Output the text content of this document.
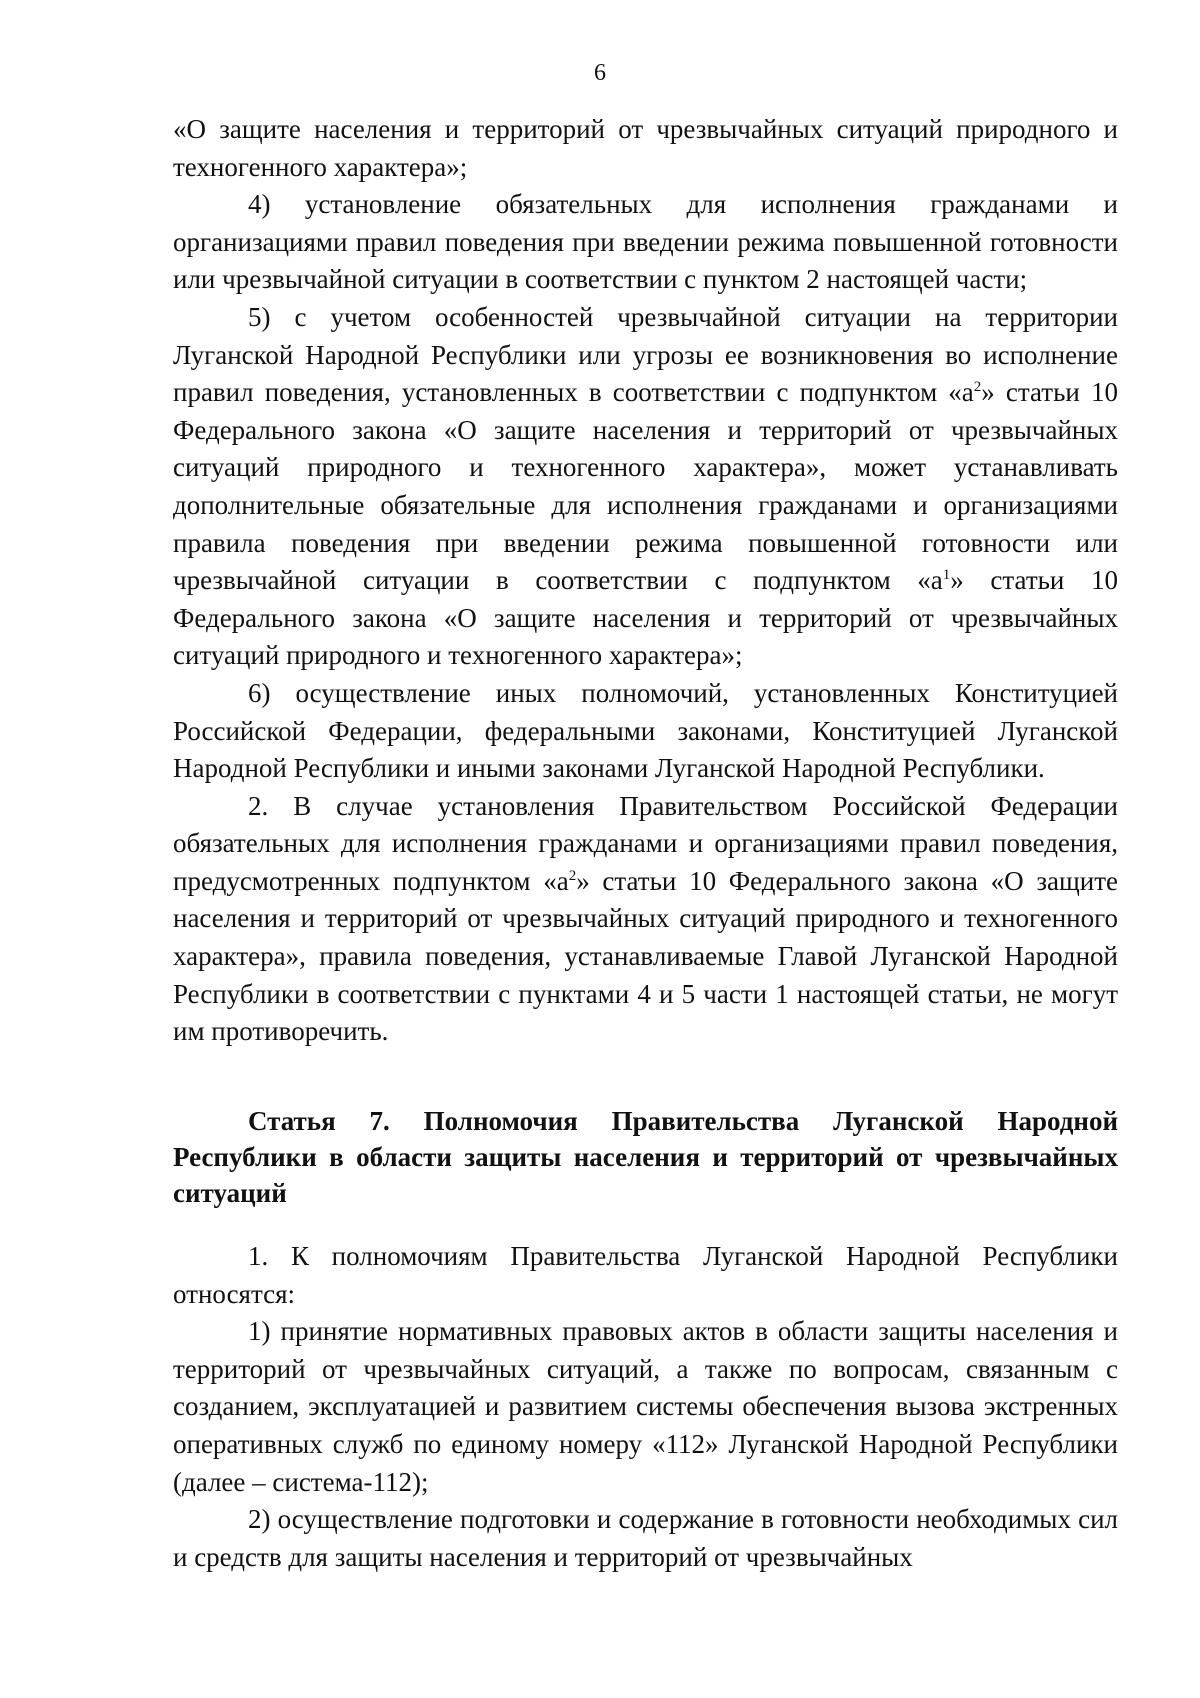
6

«О защите населения и территорий от чрезвычайных ситуаций природного и техногенного характера»;

4) установление обязательных для исполнения гражданами и организациями правил поведения при введении режима повышенной готовности или чрезвычайной ситуации в соответствии с пунктом 2 настоящей части;

5) с учетом особенностей чрезвычайной ситуации на территории Луганской Народной Республики или угрозы ее возникновения во исполнение правил поведения, установленных в соответствии с подпунктом «$а^2$» статьи 10 Федерального закона «О защите населения и территорий от чрезвычайных ситуаций природного и техногенного характера», может устанавливать дополнительные обязательные для исполнения гражданами и организациями правила поведения при введении режима повышенной готовности или чрезвычайной ситуации в соответствии с подпунктом «$а^1$» статьи 10 Федерального закона «О защите населения и территорий от чрезвычайных ситуаций природного и техногенного характера»;

6) осуществление иных полномочий, установленных Конституцией Российской Федерации, федеральными законами, Конституцией Луганской Народной Республики и иными законами Луганской Народной Республики.

2. В случае установления Правительством Российской Федерации обязательных для исполнения гражданами и организациями правил поведения, предусмотренных подпунктом «$а^2$» статьи 10 Федерального закона «О защите населения и территорий от чрезвычайных ситуаций природного и техногенного характера», правила поведения, устанавливаемые Главой Луганской Народной Республики в соответствии с пунктами 4 и 5 части 1 настоящей статьи, не могут им противоречить.

Статья 7. Полномочия Правительства Луганской Народной Республики в области защиты населения и территорий от чрезвычайных ситуаций

1. К полномочиям Правительства Луганской Народной Республики относятся:

1) принятие нормативных правовых актов в области защиты населения и территорий от чрезвычайных ситуаций, а также по вопросам, связанным с созданием, эксплуатацией и развитием системы обеспечения вызова экстренных оперативных служб по единому номеру «112» Луганской Народной Республики (далее – система-112);

2) осуществление подготовки и содержание в готовности необходимых сил и средств для защиты населения и территорий от чрезвычайных
